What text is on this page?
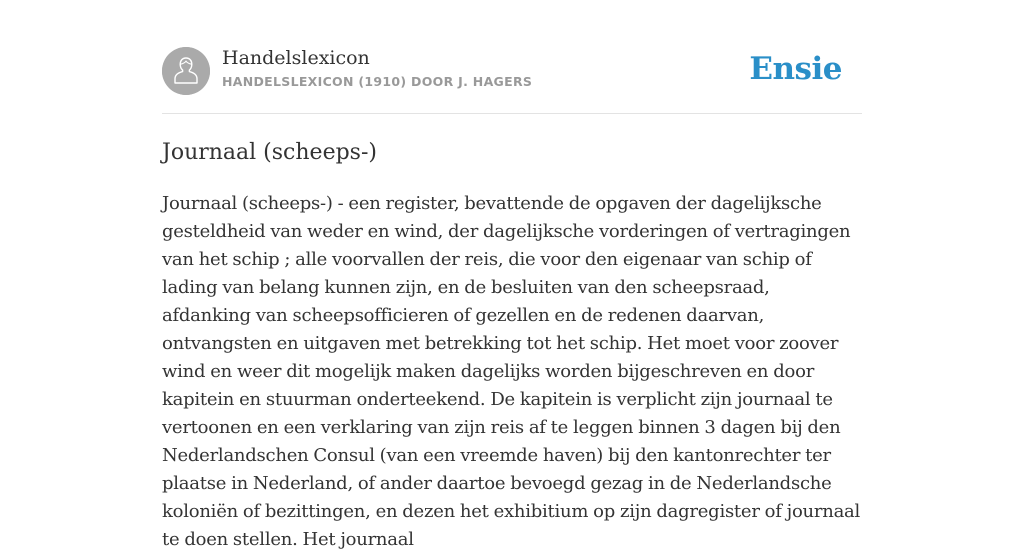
Handelslexicon
HANDELSLEXICON (1910) DOOR J. HAGERS	Ensie
Journaal (scheeps-)

Journaal (scheeps-) - een register, bevattende de opgaven der dagelijksche gesteldheid van weder en wind, der dagelijksche vorderingen of vertragingen van het schip ; alle voorvallen der reis, die voor den eigenaar van schip of lading van belang kunnen zijn, en de besluiten van den scheepsraad, afdanking van scheepsofficieren of gezellen en de redenen daarvan, ontvangsten en uitgaven met betrekking tot het schip. Het moet voor zoover wind en weer dit mogelijk maken dagelijks worden bijgeschreven en door kapitein en stuurman onderteekend. De kapitein is verplicht zijn journaal te vertoonen en een verklaring van zijn reis af te leggen binnen 3 dagen bij den Nederlandschen Consul (van een vreemde haven) bij den kantonrechter ter plaatse in Nederland, of ander daartoe bevoegd gezag in de Nederlandsche koloniën of bezittingen, en dezen het exhibitium op zijn dagregister of journaal te doen stellen. Het journaal
